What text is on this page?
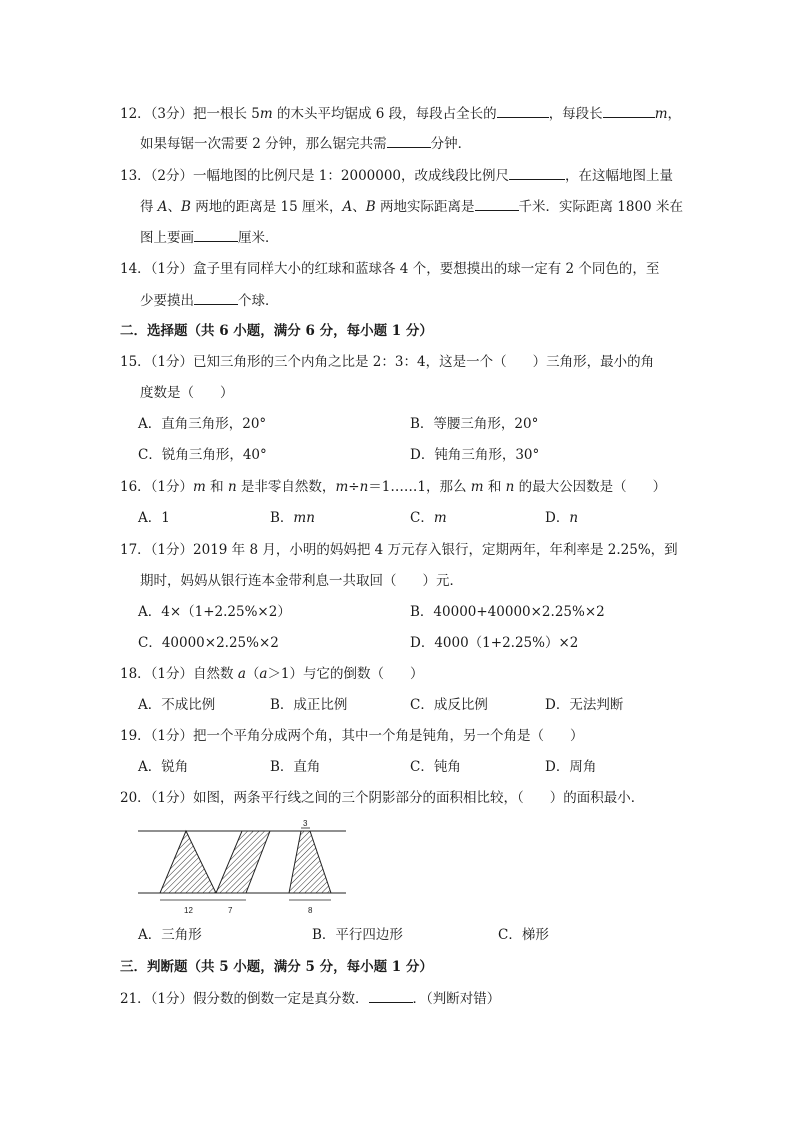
12．（3分）把一根长 5m 的木头平均锯成 6 段，每段占全长的	，每段长	m，
如果每锯一次需要 2 分钟，那么锯完共需	分钟．
13．（2分）一幅地图的比例尺是 1：2000000，改成线段比例尺	，在这幅地图上量
得 A、B 两地的距离是 15 厘米，A、B 两地实际距离是	千米．实际距离 1800 米在
图上要画	厘米．
14．（1分）盒子里有同样大小的红球和蓝球各 4 个，要想摸出的球一定有 2 个同色的，至
少要摸出	个球．
二．选择题（共 6 小题，满分 6 分，每小题 1 分）
15．（1分）已知三角形的三个内角之比是 2：3：4，这是一个（ ）三角形，最小的角
度数是（ ）
A．直角三角形，20°	B．等腰三角形，20°
C．锐角三角形，40°	D．钝角三角形，30°
16．（1分）m 和 n 是非零自然数，m÷n＝1……1，那么 m 和 n 的最大公因数是（ ）
A．1	B．mn	C．m	D．n
17．（1分）2019 年 8 月，小明的妈妈把 4 万元存入银行，定期两年，年利率是 2.25%，到
期时，妈妈从银行连本金带利息一共取回（ ）元．
A．4×（1+2.25%×2）	B．40000+40000×2.25%×2
C．40000×2.25%×2	D．4000（1+2.25%）×2
18．（1分）自然数 a（a＞1）与它的倒数（ ）
A．不成比例	B．成正比例	C．成反比例	D．无法判断
19．（1分）把一个平角分成两个角，其中一个角是钝角，另一个角是（ ）
A．锐角	B．直角	C．钝角	D．周角
20．（1分）如图，两条平行线之间的三个阴影部分的面积相比较，（ ）的面积最小．
3
12	7	8
A．三角形	B．平行四边形	C．梯形
三．判断题（共 5 小题，满分 5 分，每小题 1 分）
21．（1分）假分数的倒数一定是真分数．	．（判断对错）
